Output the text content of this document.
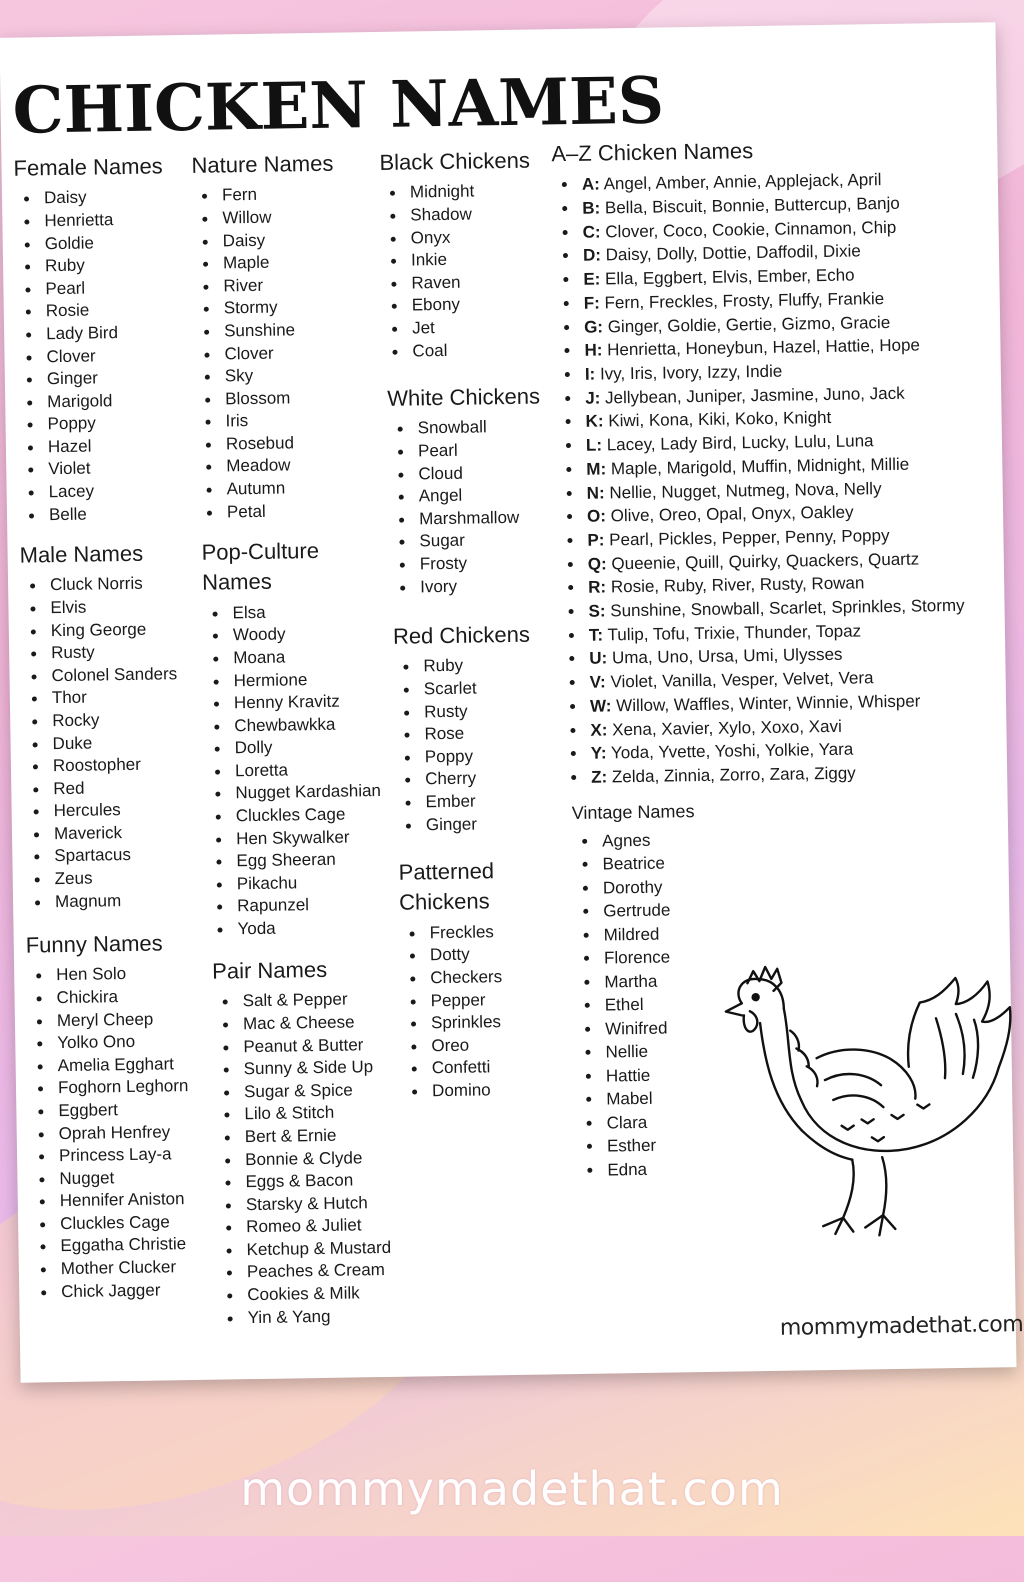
CHICKEN NAMES
Female Names
Daisy
Henrietta
Goldie
Ruby
Pearl
Rosie
Lady Bird
Clover
Ginger
Marigold
Poppy
Hazel
Violet
Lacey
Belle
Male Names
Cluck Norris
Elvis
King George
Rusty
Colonel Sanders
Thor
Rocky
Duke
Roostopher
Red
Hercules
Maverick
Spartacus
Zeus
Magnum
Funny Names
Hen Solo
Chickira
Meryl Cheep
Yolko Ono
Amelia Egghart
Foghorn Leghorn
Eggbert
Oprah Henfrey
Princess Lay-a
Nugget
Hennifer Aniston
Cluckles Cage
Eggatha Christie
Mother Clucker
Chick Jagger
Nature Names
Fern
Willow
Daisy
Maple
River
Stormy
Sunshine
Clover
Sky
Blossom
Iris
Rosebud
Meadow
Autumn
Petal
Pop-Culture
Names
Elsa
Woody
Moana
Hermione
Henny Kravitz
Chewbawkka
Dolly
Loretta
Nugget Kardashian
Cluckles Cage
Hen Skywalker
Egg Sheeran
Pikachu
Rapunzel
Yoda
Pair Names
Salt & Pepper
Mac & Cheese
Peanut & Butter
Sunny & Side Up
Sugar & Spice
Lilo & Stitch
Bert & Ernie
Bonnie & Clyde
Eggs & Bacon
Starsky & Hutch
Romeo & Juliet
Ketchup & Mustard
Peaches & Cream
Cookies & Milk
Yin & Yang
Black Chickens
Midnight
Shadow
Onyx
Inkie
Raven
Ebony
Jet
Coal
White Chickens
Snowball
Pearl
Cloud
Angel
Marshmallow
Sugar
Frosty
Ivory
Red Chickens
Ruby
Scarlet
Rusty
Rose
Poppy
Cherry
Ember
Ginger
Patterned
Chickens
Freckles
Dotty
Checkers
Pepper
Sprinkles
Oreo
Confetti
Domino
A–Z Chicken Names
A: Angel, Amber, Annie, Applejack, April
B: Bella, Biscuit, Bonnie, Buttercup, Banjo
C: Clover, Coco, Cookie, Cinnamon, Chip
D: Daisy, Dolly, Dottie, Daffodil, Dixie
E: Ella, Eggbert, Elvis, Ember, Echo
F: Fern, Freckles, Frosty, Fluffy, Frankie
G: Ginger, Goldie, Gertie, Gizmo, Gracie
H: Henrietta, Honeybun, Hazel, Hattie, Hope
I: Ivy, Iris, Ivory, Izzy, Indie
J: Jellybean, Juniper, Jasmine, Juno, Jack
K: Kiwi, Kona, Kiki, Koko, Knight
L: Lacey, Lady Bird, Lucky, Lulu, Luna
M: Maple, Marigold, Muffin, Midnight, Millie
N: Nellie, Nugget, Nutmeg, Nova, Nelly
O: Olive, Oreo, Opal, Onyx, Oakley
P: Pearl, Pickles, Pepper, Penny, Poppy
Q: Queenie, Quill, Quirky, Quackers, Quartz
R: Rosie, Ruby, River, Rusty, Rowan
S: Sunshine, Snowball, Scarlet, Sprinkles, Stormy
T: Tulip, Tofu, Trixie, Thunder, Topaz
U: Uma, Uno, Ursa, Umi, Ulysses
V: Violet, Vanilla, Vesper, Velvet, Vera
W: Willow, Waffles, Winter, Winnie, Whisper
X: Xena, Xavier, Xylo, Xoxo, Xavi
Y: Yoda, Yvette, Yoshi, Yolkie, Yara
Z: Zelda, Zinnia, Zorro, Zara, Ziggy
Vintage Names
Agnes
Beatrice
Dorothy
Gertrude
Mildred
Florence
Martha
Ethel
Winifred
Nellie
Hattie
Mabel
Clara
Esther
Edna
mommymadethat.com
mommymadethat.com
